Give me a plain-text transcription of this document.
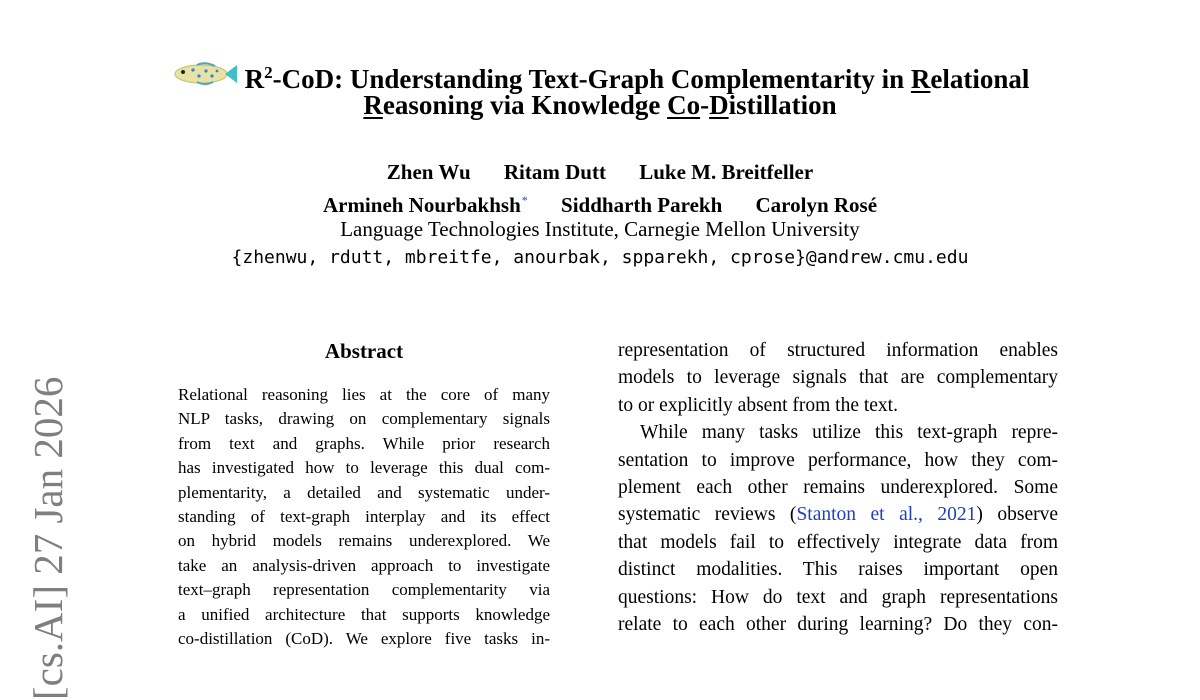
$R^2$-CoD: Understanding Text-Graph Complementarity in Relational
Reasoning via Knowledge Co-Distillation
Zhen Wu Ritam Dutt Luke M. Breitfeller
Armineh Nourbakhsh* Siddharth Parekh Carolyn Rosé
Language Technologies Institute, Carnegie Mellon University
{zhenwu, rdutt, mbreitfe, anourbak, spparekh, cprose}@andrew.cmu.edu
Abstract
Relational reasoning lies at the core of many
NLP tasks, drawing on complementary signals
from text and graphs. While prior research
has investigated how to leverage this dual com-
plementarity, a detailed and systematic under-
standing of text-graph interplay and its effect
on hybrid models remains underexplored. We
take an analysis-driven approach to investigate
text–graph representation complementarity via
a unified architecture that supports knowledge
co-distillation (CoD). We explore five tasks in-
representation of structured information enables
models to leverage signals that are complementary
to or explicitly absent from the text.
While many tasks utilize this text-graph repre-
sentation to improve performance, how they com-
plement each other remains underexplored. Some
systematic reviews (Stanton et al., 2021) observe
that models fail to effectively integrate data from
distinct modalities. This raises important open
questions: How do text and graph representations
relate to each other during learning? Do they con-
[cs.AI] 27 Jan 2026
